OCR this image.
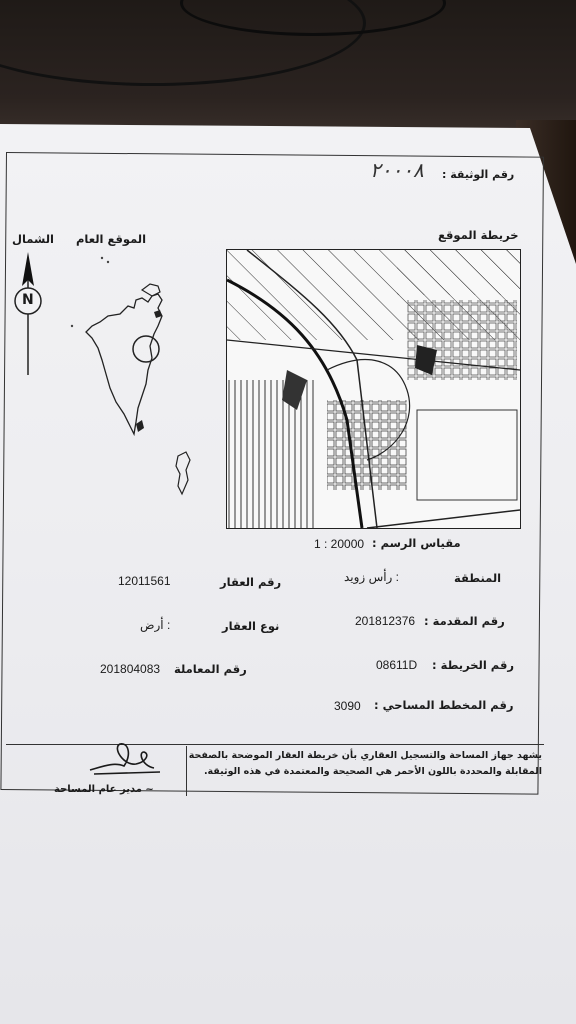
رقم الوثيقة :
٢٠٠٠٨
خريطة الموقع
الموقع العام
الشمال
N
مقياس الرسم :
1 : 20000
المنطقة
: رأس زويد
رقم العقار
12011561
رقم المقدمة :
201812376
نوع العقار
: أرض
رقم الخريطة :
08611D
رقم المعاملة
201804083
رقم المخطط المساحي :
3090
يشهد جهاز المساحة والتسجيل العقاري بأن خريطة العقار الموضحة بالصفحة
المقابلة والمحددة باللون الأحمر هي الصحيحة والمعتمدة في هذه الوثيقة.
~ مدير عام المساحة
